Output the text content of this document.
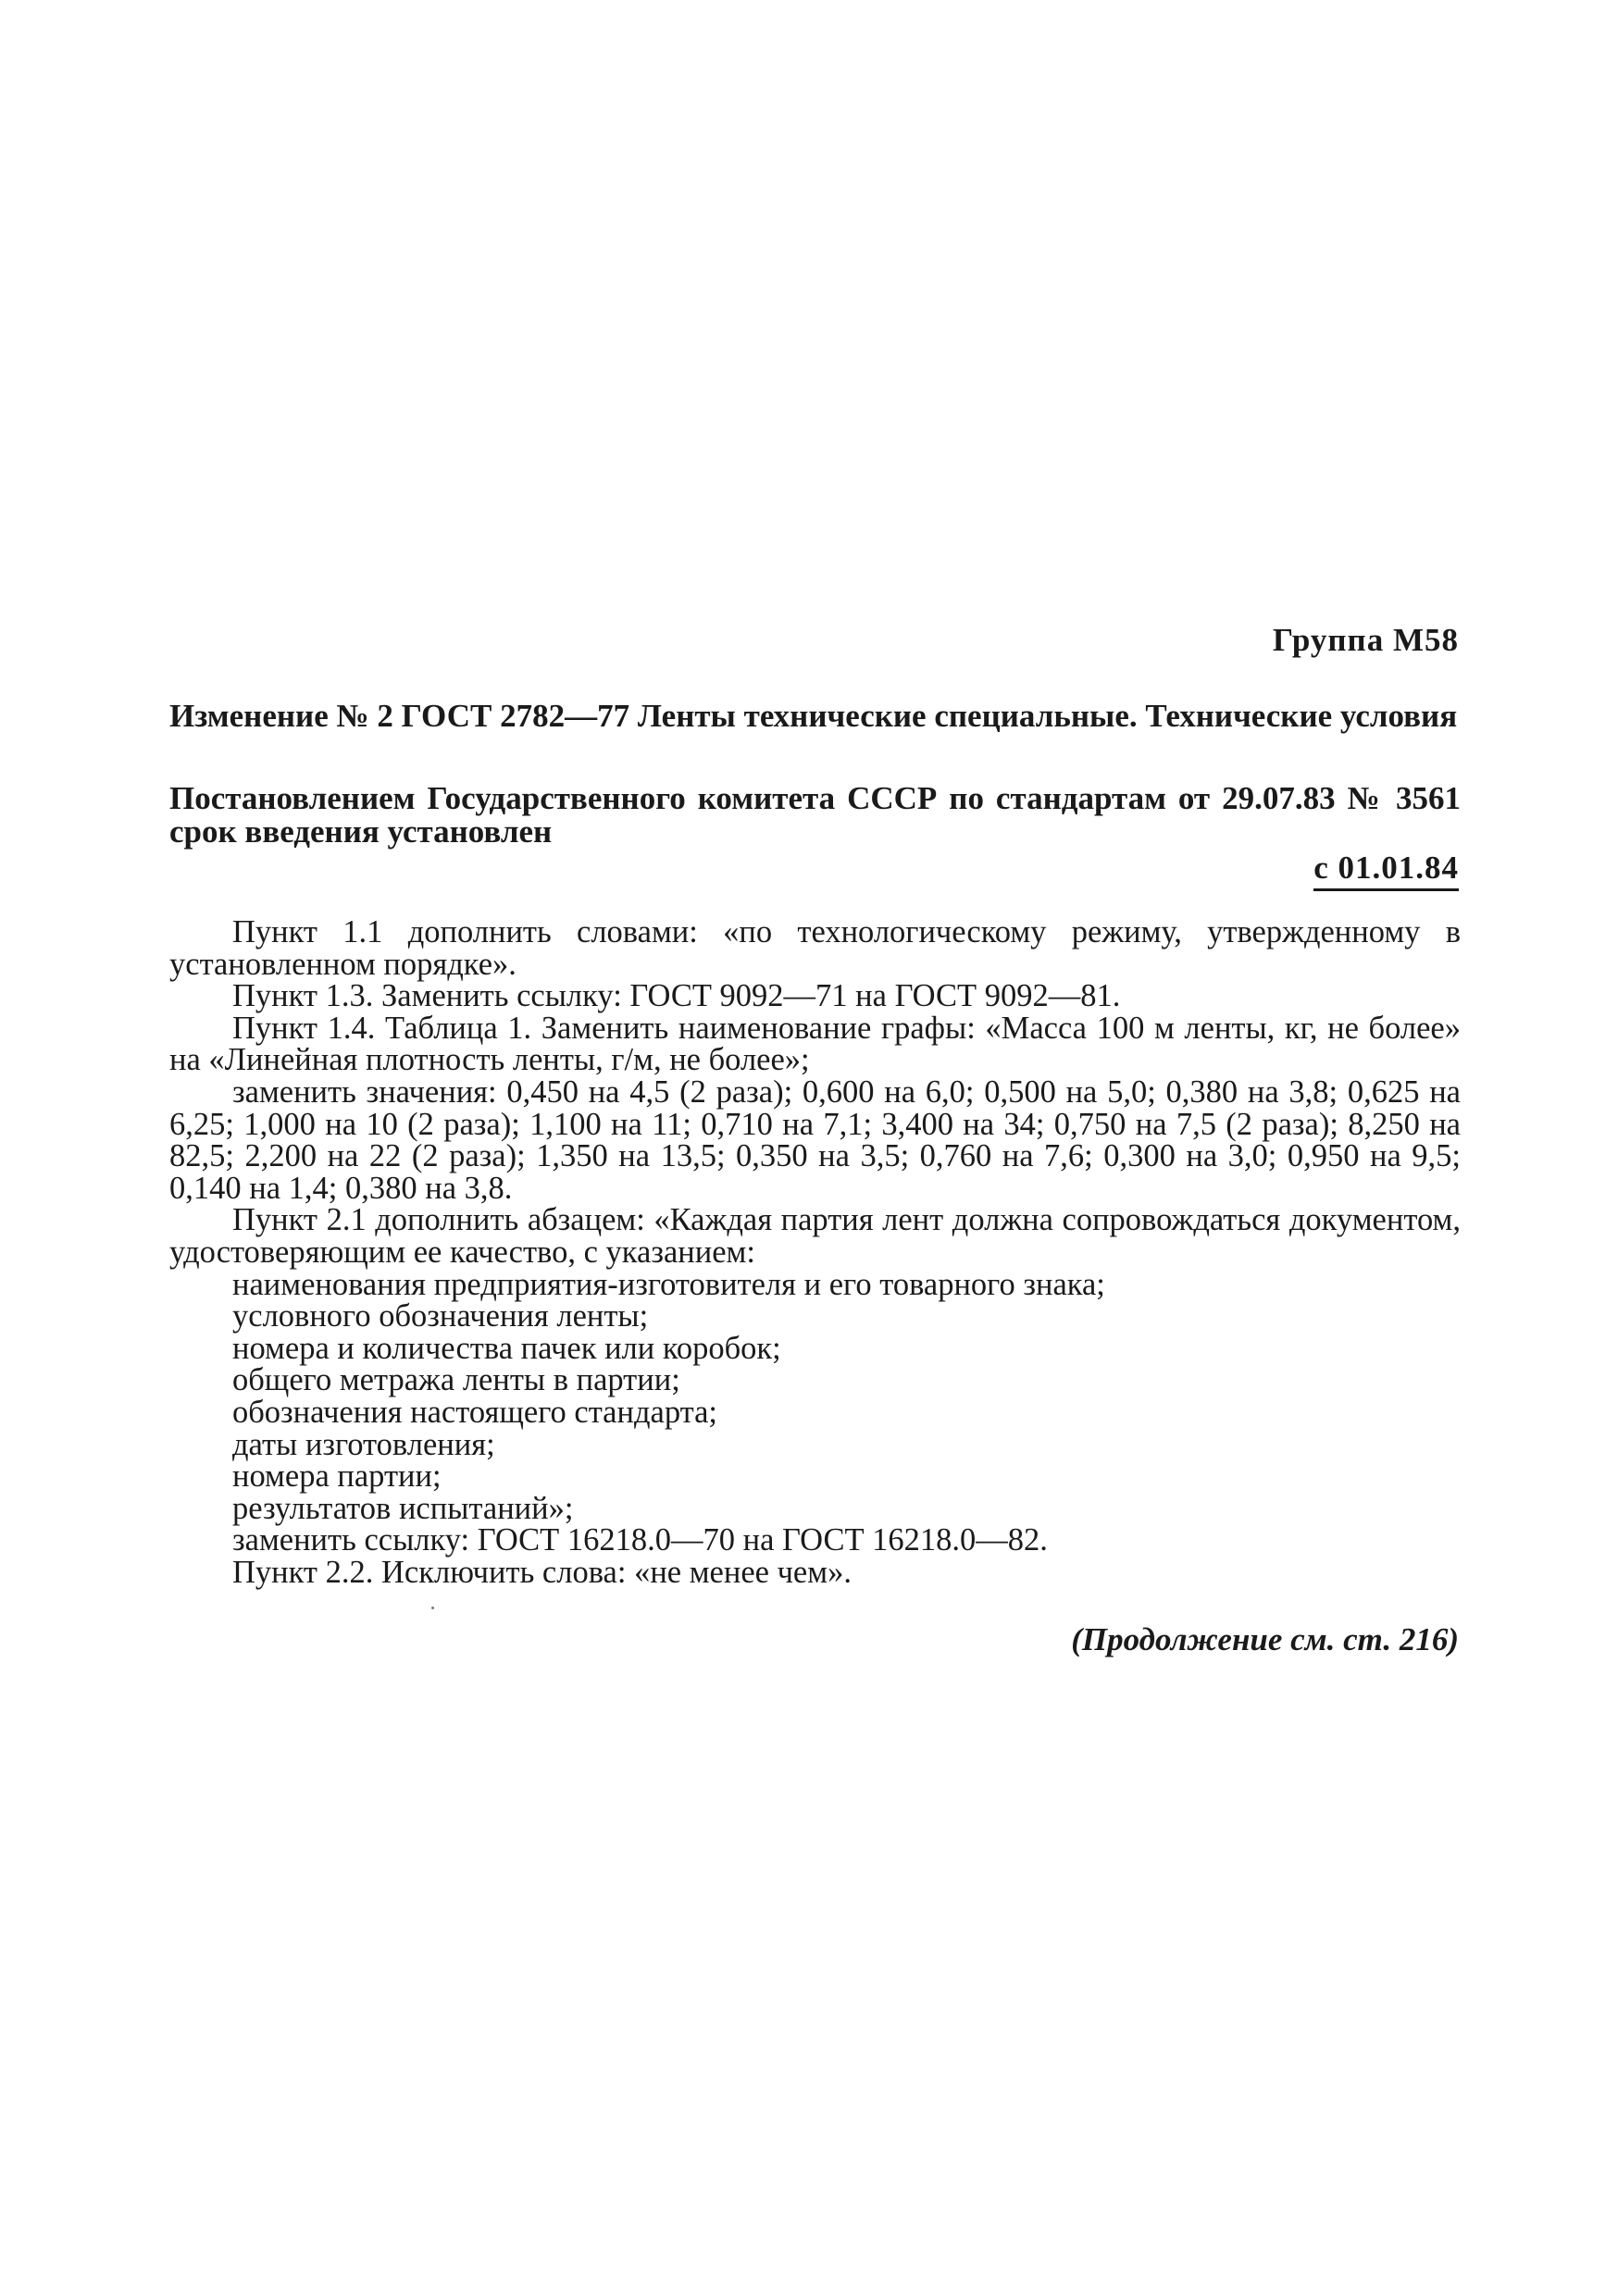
Группа М58
Изменение № 2 ГОСТ 2782—77 Ленты технические специальные. Технические условия
Постановлением Государственного комитета СССР по стандартам от 29.07.83 № 3561 срок введения установлен
с 01.01.84

Пункт 1.1 дополнить словами: «по технологическому режиму, утвержденному в установленном порядке».

Пункт 1.3. Заменить ссылку: ГОСТ 9092—71 на ГОСТ 9092—81.

Пункт 1.4. Таблица 1. Заменить наименование графы: «Масса 100 м ленты, кг, не более» на «Линейная плотность ленты, г/м, не более»;

заменить значения: 0,450 на 4,5 (2 раза); 0,600 на 6,0; 0,500 на 5,0; 0,380 на 3,8; 0,625 на 6,25; 1,000 на 10 (2 раза); 1,100 на 11; 0,710 на 7,1; 3,400 на 34; 0,750 на 7,5 (2 раза); 8,250 на 82,5; 2,200 на 22 (2 раза); 1,350 на 13,5; 0,350 на 3,5; 0,760 на 7,6; 0,300 на 3,0; 0,950 на 9,5; 0,140 на 1,4; 0,380 на 3,8.

Пункт 2.1 дополнить абзацем: «Каждая партия лент должна сопровождаться документом, удостоверяющим ее качество, с указанием:

наименования предприятия-изготовителя и его товарного знака;

условного обозначения ленты;

номера и количества пачек или коробок;

общего метража ленты в партии;

обозначения настоящего стандарта;

даты изготовления;

номера партии;

результатов испытаний»;

заменить ссылку: ГОСТ 16218.0—70 на ГОСТ 16218.0—82.

Пункт 2.2. Исключить слова: «не менее чем».

(Продолжение см. ст. 216)
